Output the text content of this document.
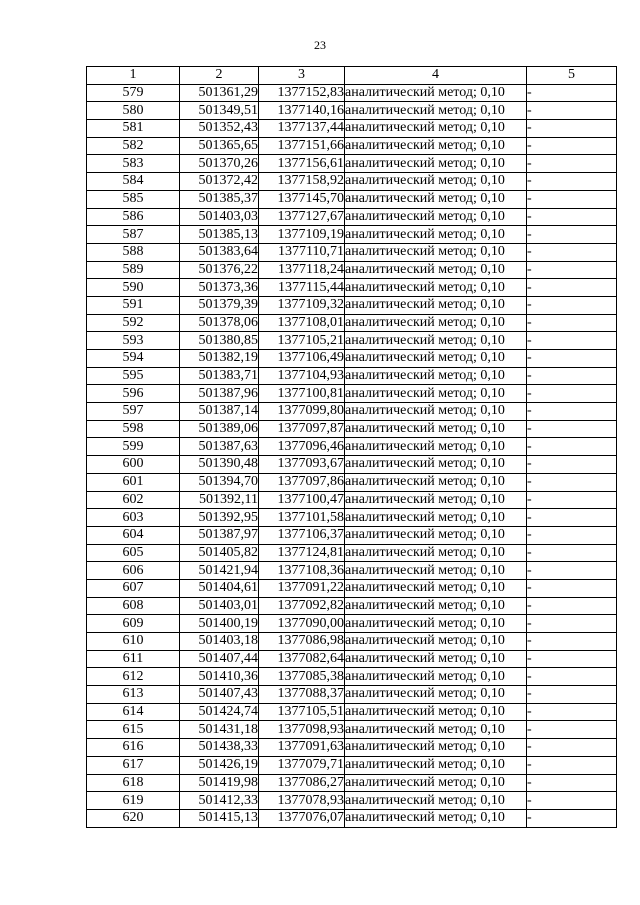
23
1	2	3	4	5
579	501361,29	1377152,83	аналитический метод; 0,10	-
580	501349,51	1377140,16	аналитический метод; 0,10	-
581	501352,43	1377137,44	аналитический метод; 0,10	-
582	501365,65	1377151,66	аналитический метод; 0,10	-
583	501370,26	1377156,61	аналитический метод; 0,10	-
584	501372,42	1377158,92	аналитический метод; 0,10	-
585	501385,37	1377145,70	аналитический метод; 0,10	-
586	501403,03	1377127,67	аналитический метод; 0,10	-
587	501385,13	1377109,19	аналитический метод; 0,10	-
588	501383,64	1377110,71	аналитический метод; 0,10	-
589	501376,22	1377118,24	аналитический метод; 0,10	-
590	501373,36	1377115,44	аналитический метод; 0,10	-
591	501379,39	1377109,32	аналитический метод; 0,10	-
592	501378,06	1377108,01	аналитический метод; 0,10	-
593	501380,85	1377105,21	аналитический метод; 0,10	-
594	501382,19	1377106,49	аналитический метод; 0,10	-
595	501383,71	1377104,93	аналитический метод; 0,10	-
596	501387,96	1377100,81	аналитический метод; 0,10	-
597	501387,14	1377099,80	аналитический метод; 0,10	-
598	501389,06	1377097,87	аналитический метод; 0,10	-
599	501387,63	1377096,46	аналитический метод; 0,10	-
600	501390,48	1377093,67	аналитический метод; 0,10	-
601	501394,70	1377097,86	аналитический метод; 0,10	-
602	501392,11	1377100,47	аналитический метод; 0,10	-
603	501392,95	1377101,58	аналитический метод; 0,10	-
604	501387,97	1377106,37	аналитический метод; 0,10	-
605	501405,82	1377124,81	аналитический метод; 0,10	-
606	501421,94	1377108,36	аналитический метод; 0,10	-
607	501404,61	1377091,22	аналитический метод; 0,10	-
608	501403,01	1377092,82	аналитический метод; 0,10	-
609	501400,19	1377090,00	аналитический метод; 0,10	-
610	501403,18	1377086,98	аналитический метод; 0,10	-
611	501407,44	1377082,64	аналитический метод; 0,10	-
612	501410,36	1377085,38	аналитический метод; 0,10	-
613	501407,43	1377088,37	аналитический метод; 0,10	-
614	501424,74	1377105,51	аналитический метод; 0,10	-
615	501431,18	1377098,93	аналитический метод; 0,10	-
616	501438,33	1377091,63	аналитический метод; 0,10	-
617	501426,19	1377079,71	аналитический метод; 0,10	-
618	501419,98	1377086,27	аналитический метод; 0,10	-
619	501412,33	1377078,93	аналитический метод; 0,10	-
620	501415,13	1377076,07	аналитический метод; 0,10	-
